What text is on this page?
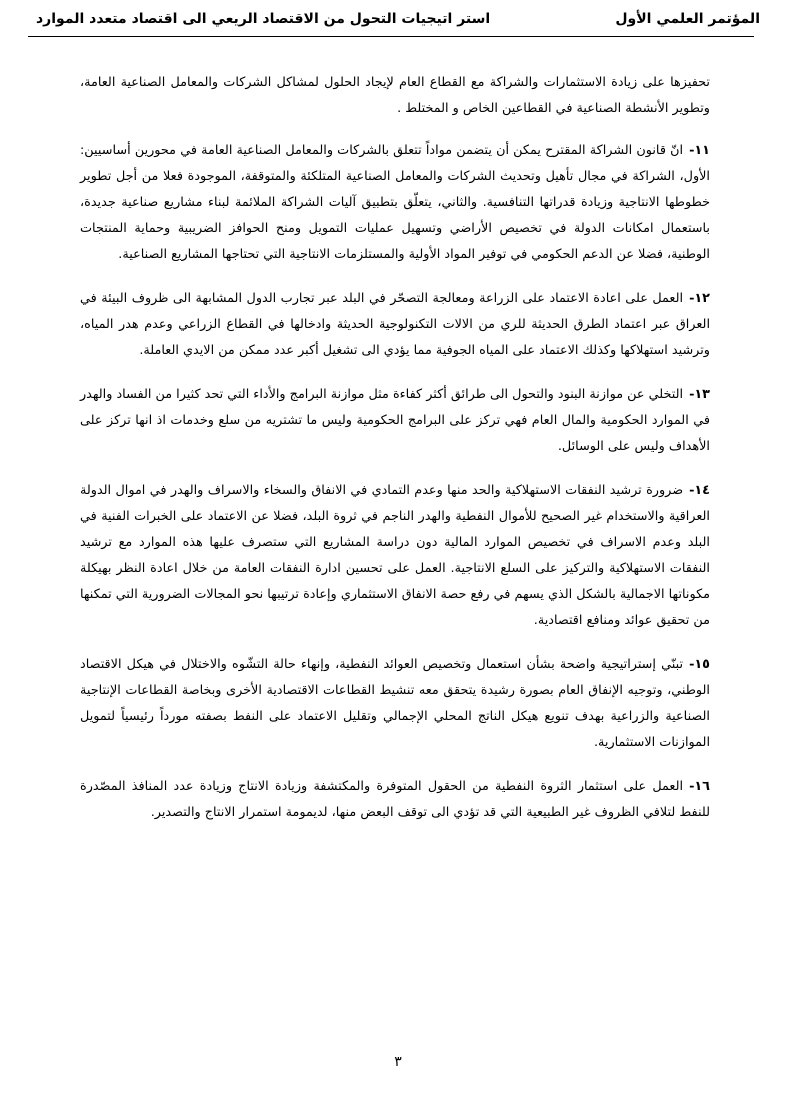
المؤتمر العلمي الأول
استر اتيجيات التحول من الاقتصاد الريعي الى اقتصاد متعدد الموارد

تحفيزها على زيادة الاستثمارات والشراكة مع القطاع العام لإيجاد الحلول لمشاكل الشركات والمعامل الصناعية العامة، وتطوير الأنشطة الصناعية في القطاعين الخاص و المختلط .

١١-انّ قانون الشراكة المقترح يمكن أن يتضمن مواداً تتعلق بالشركات والمعامل الصناعية العامة في محورين أساسيين: الأول، الشراكة في مجال تأهيل وتحديث الشركات والمعامل الصناعية المتلكئة والمتوقفة، الموجودة فعلا من أجل تطوير خطوطها الانتاجية وزيادة قدراتها التنافسية. والثاني، يتعلّق بتطبيق آليات الشراكة الملائمة لبناء مشاريع صناعية جديدة، باستعمال امكانات الدولة في تخصيص الأراضي وتسهيل عمليات التمويل ومنح الحوافز الضريبية وحماية المنتجات الوطنية، فضلا عن الدعم الحكومي في توفير المواد الأولية والمستلزمات الانتاجية التي تحتاجها المشاريع الصناعية.
١٢-العمل على اعادة الاعتماد على الزراعة ومعالجة التصحّر في البلد عبر تجارب الدول المشابهة الى ظروف البيئة في العراق عبر اعتماد الطرق الحديثة للري من الالات التكنولوجية الحديثة وادخالها في القطاع الزراعي وعدم هدر المياه، وترشيد استهلاكها وكذلك الاعتماد على المياه الجوفية مما يؤدي الى تشغيل أكبر عدد ممكن من الايدي العاملة.
١٣-التخلي عن موازنة البنود والتحول الى طرائق أكثر كفاءة مثل موازنة البرامج والأداء التي تحد كثيرا من الفساد والهدر في الموارد الحكومية والمال العام فهي تركز على البرامج الحكومية وليس ما تشتريه من سلع وخدمات اذ انها تركز على الأهداف وليس على الوسائل.
١٤-ضرورة ترشيد النفقات الاستهلاكية والحد منها وعدم التمادي في الانفاق والسخاء والاسراف والهدر في اموال الدولة العراقية والاستخدام غير الصحيح للأموال النفطية والهدر الناجم في ثروة البلد، فضلا عن الاعتماد على الخبرات الفنية في البلد وعدم الاسراف في تخصيص الموارد المالية دون دراسة المشاريع التي ستصرف عليها هذه الموارد مع ترشيد النفقات الاستهلاكية والتركيز على السلع الانتاجية. العمل على تحسين ادارة النفقات العامة من خلال اعادة النظر بهيكلة مكوناتها الاجمالية بالشكل الذي يسهم في رفع حصة الانفاق الاستثماري وإعادة ترتيبها نحو المجالات الضرورية التي تمكنها من تحقيق عوائد ومنافع اقتصادية.
١٥-تبنّي إستراتيجية واضحة بشأن استعمال وتخصيص العوائد النفطية، وإنهاء حالة التشّوه والاختلال في هيكل الاقتصاد الوطني، وتوجيه الإنفاق العام بصورة رشيدة يتحقق معه تنشيط القطاعات الاقتصادية الأخرى وبخاصة القطاعات الإنتاجية الصناعية والزراعية بهدف تنويع هيكل الناتج المحلي الإجمالي وتقليل الاعتماد على النفط بصفته مورداً رئيسياً لتمويل الموازنات الاستثمارية.
١٦-العمل على استثمار الثروة النفطية من الحقول المتوفرة والمكتشفة وزيادة الانتاج وزيادة عدد المنافذ المصّدرة للنفط لتلافي الظروف غير الطبيعية التي قد تؤدي الى توقف البعض منها، لديمومة استمرار الانتاج والتصدير.
٣
